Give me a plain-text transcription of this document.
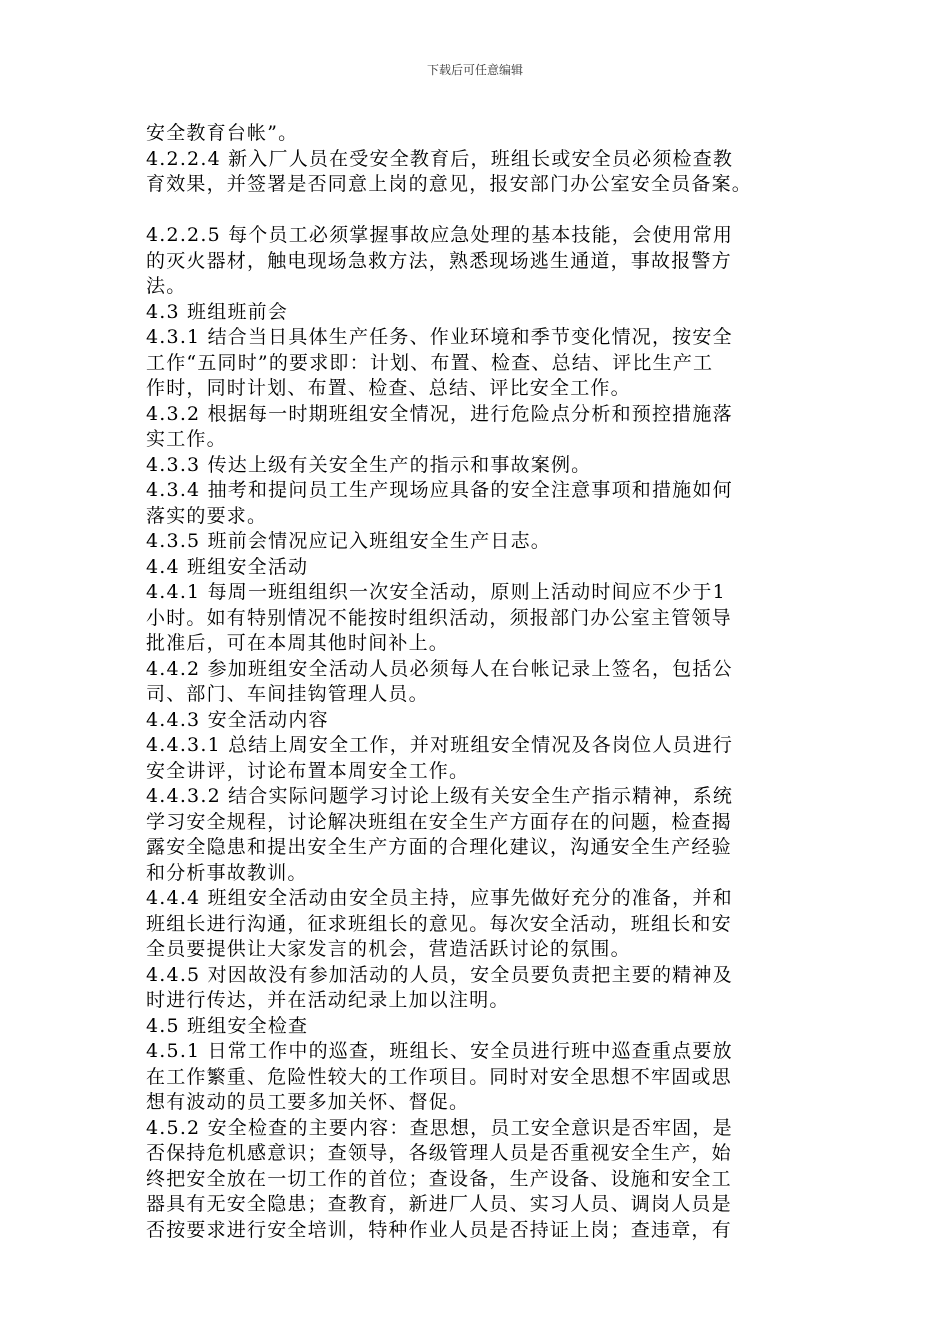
下载后可任意编辑
安全教育台帐”。
4.2.2.4 新入厂人员在受安全教育后，班组长或安全员必须检查教
育效果，并签署是否同意上岗的意见，报安部门办公室安全员备案。
4.2.2.5 每个员工必须掌握事故应急处理的基本技能，会使用常用
的灭火器材，触电现场急救方法，熟悉现场逃生通道，事故报警方
法。
4.3 班组班前会
4.3.1 结合当日具体生产任务、作业环境和季节变化情况，按安全
工作“五同时”的要求即：计划、布置、检查、总结、评比生产工
作时，同时计划、布置、检查、总结、评比安全工作。
4.3.2 根据每一时期班组安全情况，进行危险点分析和预控措施落
实工作。
4.3.3 传达上级有关安全生产的指示和事故案例。
4.3.4 抽考和提问员工生产现场应具备的安全注意事项和措施如何
落实的要求。
4.3.5 班前会情况应记入班组安全生产日志。
4.4 班组安全活动
4.4.1 每周一班组组织一次安全活动，原则上活动时间应不少于1
小时。如有特别情况不能按时组织活动，须报部门办公室主管领导
批准后，可在本周其他时间补上。
4.4.2 参加班组安全活动人员必须每人在台帐记录上签名，包括公
司、部门、车间挂钩管理人员。
4.4.3 安全活动内容
4.4.3.1 总结上周安全工作，并对班组安全情况及各岗位人员进行
安全讲评，讨论布置本周安全工作。
4.4.3.2 结合实际问题学习讨论上级有关安全生产指示精神，系统
学习安全规程，讨论解决班组在安全生产方面存在的问题，检查揭
露安全隐患和提出安全生产方面的合理化建议，沟通安全生产经验
和分析事故教训。
4.4.4 班组安全活动由安全员主持，应事先做好充分的准备，并和
班组长进行沟通，征求班组长的意见。每次安全活动，班组长和安
全员要提供让大家发言的机会，营造活跃讨论的氛围。
4.4.5 对因故没有参加活动的人员，安全员要负责把主要的精神及
时进行传达，并在活动纪录上加以注明。
4.5 班组安全检查
4.5.1 日常工作中的巡查，班组长、安全员进行班中巡查重点要放
在工作繁重、危险性较大的工作项目。同时对安全思想不牢固或思
想有波动的员工要多加关怀、督促。
4.5.2 安全检查的主要内容：查思想，员工安全意识是否牢固，是
否保持危机感意识；查领导，各级管理人员是否重视安全生产，始
终把安全放在一切工作的首位；查设备，生产设备、设施和安全工
器具有无安全隐患；查教育，新进厂人员、实习人员、调岗人员是
否按要求进行安全培训，特种作业人员是否持证上岗；查违章，有
